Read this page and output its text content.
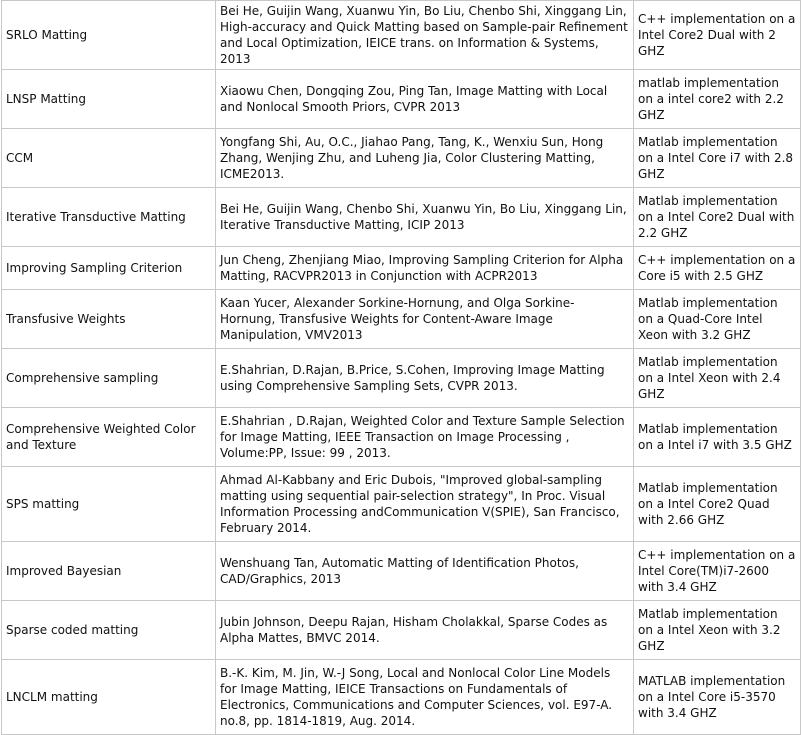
SRLO Matting	Bei He, Guijin Wang, Xuanwu Yin, Bo Liu, Chenbo Shi, Xinggang Lin, High-accuracy and Quick Matting based on Sample-pair Refinement and Local Optimization, IEICE trans. on Information & Systems, 2013	C++ implementation on a Intel Core2 Dual with 2 GHZ
LNSP Matting	Xiaowu Chen, Dongqing Zou, Ping Tan, Image Matting with Local and Nonlocal Smooth Priors, CVPR 2013	matlab implementation on a intel core2 with 2.2 GHZ
CCM	Yongfang Shi, Au, O.C., Jiahao Pang, Tang, K., Wenxiu Sun, Hong Zhang, Wenjing Zhu, and Luheng Jia, Color Clustering Matting, ICME2013.	Matlab implementation on a Intel Core i7 with 2.8 GHZ
Iterative Transductive Matting	Bei He, Guijin Wang, Chenbo Shi, Xuanwu Yin, Bo Liu, Xinggang Lin, Iterative Transductive Matting, ICIP 2013	Matlab implementation on a Intel Core2 Dual with 2.2 GHZ
Improving Sampling Criterion	Jun Cheng, Zhenjiang Miao, Improving Sampling Criterion for Alpha Matting, RACVPR2013 in Conjunction with ACPR2013	C++ implementation on a Core i5 with 2.5 GHZ
Transfusive Weights	Kaan Yucer, Alexander Sorkine-Hornung, and Olga Sorkine-Hornung, Transfusive Weights for Content-Aware Image Manipulation, VMV2013	Matlab implementation on a Quad-Core Intel Xeon with 3.2 GHZ
Comprehensive sampling	E.Shahrian, D.Rajan, B.Price, S.Cohen, Improving Image Matting using Comprehensive Sampling Sets, CVPR 2013.	Matlab implementation on a Intel Xeon with 2.4 GHZ
Comprehensive Weighted Color and Texture	E.Shahrian , D.Rajan, Weighted Color and Texture Sample Selection for Image Matting, IEEE Transaction on Image Processing , Volume:PP, Issue: 99 , 2013.	Matlab implementation on a Intel i7 with 3.5 GHZ
SPS matting	Ahmad Al-Kabbany and Eric Dubois, "Improved global-sampling matting using sequential pair-selection strategy", In Proc. Visual Information Processing andCommunication V(SPIE), San Francisco, February 2014.	Matlab implementation on a Intel Core2 Quad with 2.66 GHZ
Improved Bayesian	Wenshuang Tan, Automatic Matting of Identification Photos, CAD/Graphics, 2013	C++ implementation on a Intel Core(TM)i7-2600 with 3.4 GHZ
Sparse coded matting	Jubin Johnson, Deepu Rajan, Hisham Cholakkal, Sparse Codes as Alpha Mattes, BMVC 2014.	Matlab implementation on a Intel Xeon with 3.2 GHZ
LNCLM matting	B.-K. Kim, M. Jin, W.-J Song, Local and Nonlocal Color Line Models for Image Matting, IEICE Transactions on Fundamentals of Electronics, Communications and Computer Sciences, vol. E97-A. no.8, pp. 1814-1819, Aug. 2014.	MATLAB implementation on a Intel Core i5-3570 with 3.4 GHZ
